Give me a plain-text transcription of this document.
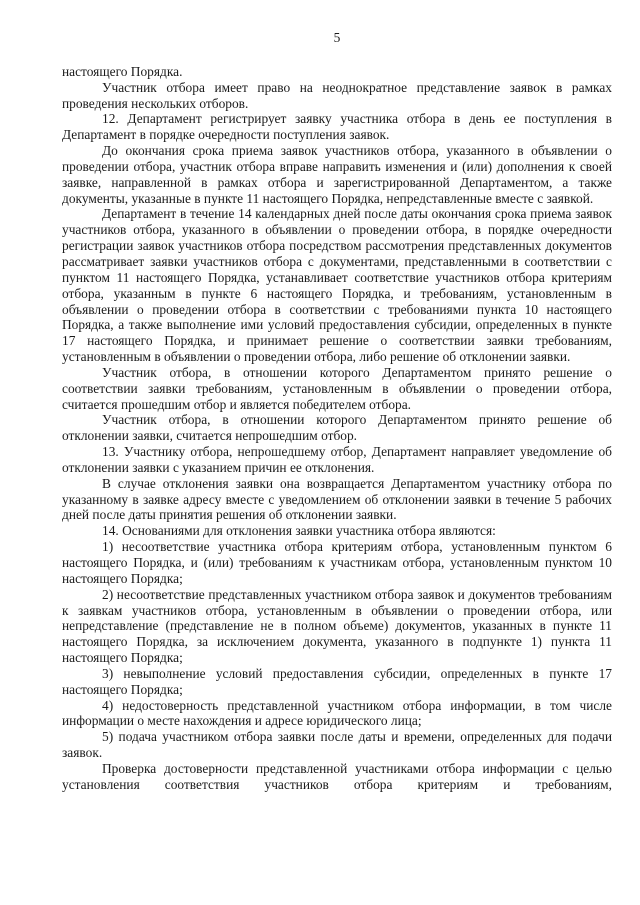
5

настоящего Порядка.

Участник отбора имеет право на неоднократное представление заявок в рамках проведения нескольких отборов.

12. Департамент регистрирует заявку участника отбора в день ее поступления в Департамент в порядке очередности поступления заявок.

До окончания срока приема заявок участников отбора, указанного в объявлении о проведении отбора, участник отбора вправе направить изменения и (или) дополнения к своей заявке, направленной в рамках отбора и зарегистрированной Департаментом, а также документы, указанные в пункте 11 настоящего Порядка, непредставленные вместе с заявкой.

Департамент в течение 14 календарных дней после даты окончания срока приема заявок участников отбора, указанного в объявлении о проведении отбора, в порядке очередности регистрации заявок участников отбора посредством рассмотрения представленных документов рассматривает заявки участников отбора с документами, представленными в соответствии с пунктом 11 настоящего Порядка, устанавливает соответствие участников отбора критериям отбора, указанным в пункте 6 настоящего Порядка, и требованиям, установленным в объявлении о проведении отбора в соответствии с требованиями пункта 10 настоящего Порядка, а также выполнение ими условий предоставления субсидии, определенных в пункте 17 настоящего Порядка, и принимает решение о соответствии заявки требованиям, установленным в объявлении о проведении отбора, либо решение об отклонении заявки.

Участник отбора, в отношении которого Департаментом принято решение о соответствии заявки требованиям, установленным в объявлении о проведении отбора, считается прошедшим отбор и является победителем отбора.

Участник отбора, в отношении которого Департаментом принято решение об отклонении заявки, считается непрошедшим отбор.

13. Участнику отбора, непрошедшему отбор, Департамент направляет уведомление об отклонении заявки с указанием причин ее отклонения.

В случае отклонения заявки она возвращается Департаментом участнику отбора по указанному в заявке адресу вместе с уведомлением об отклонении заявки в течение 5 рабочих дней после даты принятия решения об отклонении заявки.

14. Основаниями для отклонения заявки участника отбора являются:

1) несоответствие участника отбора критериям отбора, установленным пунктом 6 настоящего Порядка, и (или) требованиям к участникам отбора, установленным пунктом 10 настоящего Порядка;

2) несоответствие представленных участником отбора заявок и документов требованиям к заявкам участников отбора, установленным в объявлении о проведении отбора, или непредставление (представление не в полном объеме) документов, указанных в пункте 11 настоящего Порядка, за исключением документа, указанного в подпункте 1) пункта 11 настоящего Порядка;

3) невыполнение условий предоставления субсидии, определенных в пункте 17 настоящего Порядка;

4) недостоверность представленной участником отбора информации, в том числе информации о месте нахождения и адресе юридического лица;

5) подача участником отбора заявки после даты и времени, определенных для подачи заявок.

Проверка достоверности представленной участниками отбора информации с целью установления соответствия участников отбора критериям и требованиям,
